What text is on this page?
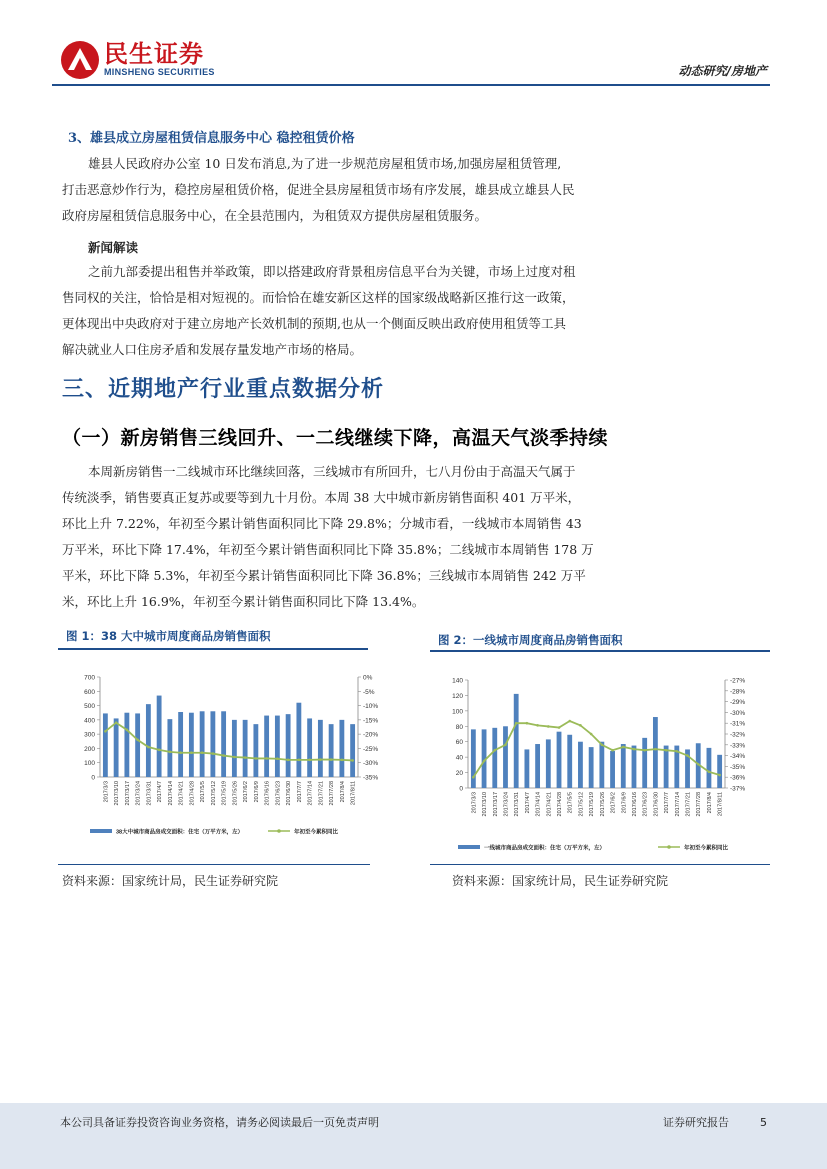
民生证券
MINSHENG SECURITIES	动态研究/房地产
3、雄县成立房屋租赁信息服务中心 稳控租赁价格
雄县人民政府办公室 10 日发布消息,为了进一步规范房屋租赁市场,加强房屋租赁管理,
打击恶意炒作行为，稳控房屋租赁价格，促进全县房屋租赁市场有序发展，雄县成立雄县人民
政府房屋租赁信息服务中心，在全县范围内，为租赁双方提供房屋租赁服务。
新闻解读
之前九部委提出租售并举政策，即以搭建政府背景租房信息平台为关键，市场上过度对租
售同权的关注，恰恰是相对短视的。而恰恰在雄安新区这样的国家级战略新区推行这一政策，
更体现出中央政府对于建立房地产长效机制的预期,也从一个侧面反映出政府使用租赁等工具
解决就业人口住房矛盾和发展存量发地产市场的格局。
三、近期地产行业重点数据分析
（一）新房销售三线回升、一二线继续下降，高温天气淡季持续
本周新房销售一二线城市环比继续回落，三线城市有所回升，七八月份由于高温天气属于
传统淡季，销售要真正复苏或要等到九十月份。本周 38 大中城市新房销售面积 401 万平米，
环比上升 7.22%，年初至今累计销售面积同比下降 29.8%；分城市看，一线城市本周销售 43
万平米，环比下降 17.4%，年初至今累计销售面积同比下降 35.8%；二线城市本周销售 178 万
平米，环比下降 5.3%，年初至今累计销售面积同比下降 36.8%；三线城市本周销售 242 万平
米，环比上升 16.9%，年初至今累计销售面积同比下降 13.4%。
图 1：38 大中城市周度商品房销售面积	图 2：一线城市周度商品房销售面积
0
100
200
300
400
500
600
700	0%
-5%
-10%
-15%
-20%
-25%
-30%
-35%
2017/3/3 2017/3/10 2017/3/17 2017/3/24 2017/3/31 2017/4/7 2017/4/14 2017/4/21 2017/4/28 2017/5/5 2017/5/12 2017/5/19 2017/5/26 2017/6/2 2017/6/9 2017/6/16 2017/6/23 2017/6/30 2017/7/7 2017/7/14 2017/7/21 2017/7/28 2017/8/4 2017/8/11
38大中城市商品房成交面积：住宅（万平方米，左）	年初至今累积同比
0
20
40
60
80
100
120
140	-27%
-28%
-29%
-30%
-31%
-32%
-33%
-34%
-35%
-36%
-37%
2017/3/3 2017/3/10 2017/3/17 2017/3/24 2017/3/31 2017/4/7 2017/4/14 2017/4/21 2017/4/28 2017/5/5 2017/5/12 2017/5/19 2017/5/26 2017/6/2 2017/6/9 2017/6/16 2017/6/23 2017/6/30 2017/7/7 2017/7/14 2017/7/21 2017/7/28 2017/8/4 2017/8/11
一线城市商品房成交面积：住宅（万平方米，左）	年初至今累积同比
资料来源：国家统计局，民生证券研究院	资料来源：国家统计局，民生证券研究院
本公司具备证券投资咨询业务资格，请务必阅读最后一页免责声明	证券研究报告	5
